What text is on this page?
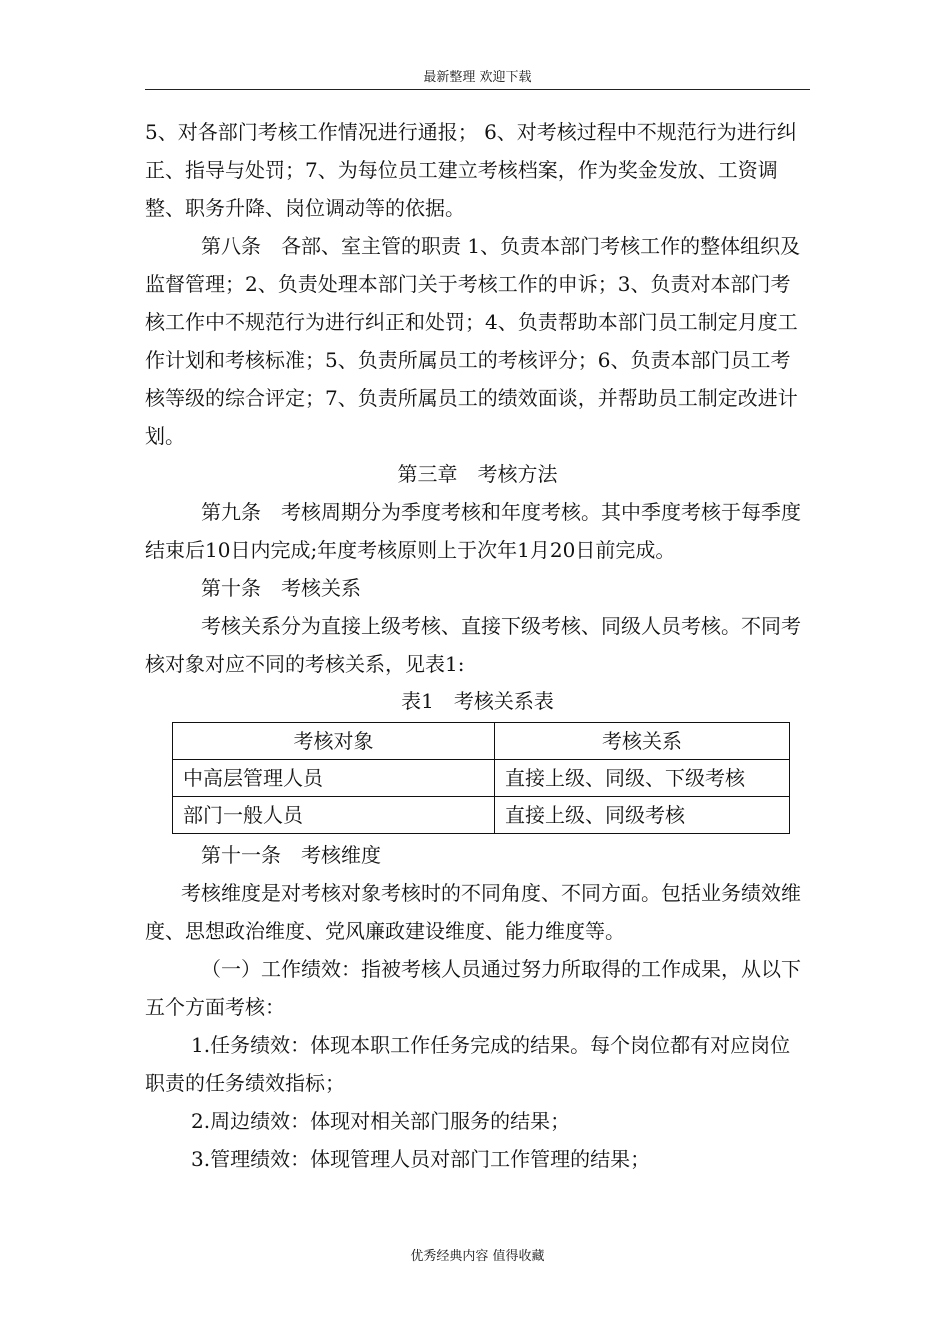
最新整理 欢迎下载

5、对各部门考核工作情况进行通报； 6、对考核过程中不规范行为进行纠正、指导与处罚；7、为每位员工建立考核档案，作为奖金发放、工资调整、职务升降、岗位调动等的依据。

第八条　各部、室主管的职责 1、负责本部门考核工作的整体组织及监督管理；2、负责处理本部门关于考核工作的申诉；3、负责对本部门考核工作中不规范行为进行纠正和处罚；4、负责帮助本部门员工制定月度工作计划和考核标准；5、负责所属员工的考核评分；6、负责本部门员工考核等级的综合评定；7、负责所属员工的绩效面谈，并帮助员工制定改进计划。

第三章　考核方法

第九条　考核周期分为季度考核和年度考核。其中季度考核于每季度结束后10日内完成;年度考核原则上于次年1月20日前完成。

第十条　考核关系

考核关系分为直接上级考核、直接下级考核、同级人员考核。不同考核对象对应不同的考核关系，见表1:

表1　考核关系表

考核对象	考核关系
中高层管理人员	直接上级、同级、下级考核
部门一般人员	直接上级、同级考核

第十一条　考核维度

考核维度是对考核对象考核时的不同角度、不同方面。包括业务绩效维度、思想政治维度、党风廉政建设维度、能力维度等。

（一）工作绩效：指被考核人员通过努力所取得的工作成果，从以下五个方面考核：

1.任务绩效：体现本职工作任务完成的结果。每个岗位都有对应岗位职责的任务绩效指标；

2.周边绩效：体现对相关部门服务的结果；

3.管理绩效：体现管理人员对部门工作管理的结果；

优秀经典内容 值得收藏
